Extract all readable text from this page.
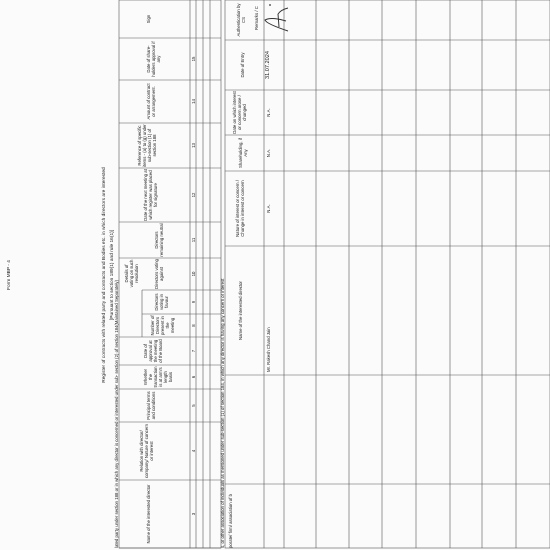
Form MBP - 4	Register of contracts with related party and contracts and Bodies etc. in which directors are interested [Pursuant to section 189(1) and rule 16(1)]
lated party under section 188 or in which any director is concerned or interested under sub- section (2) of section 184(Maintained Separately)	Name of the interested director
Relation with director/ company/ Nature of concern or interest
Principal terms and conditions
Whether the transaction is at arm's length basis
Date of approval at the meeting of the Board
Details of voting on such resolution
Number of Directors present in the meeting
Directors voting in favour
Directors voting against
Directors remaining neutral
Date of the next meeting at which register was placed for signature
Reference of specific items - (a) to (g) under sub-section (1) of section 188
Amount of contract or arrangement.
Date of share-holders approval if any
Sign
3
4
5
6
7
8
9
10
11
12
13
14
15
s, or other association of individuals as mentioned under sub-section (1) of section 184, in which any director is having any concern or interest porate/ firm/ association of b
Name of the interested director
Nature of interest or concern / Change in interest or concern
Shareholding, if Any
Date on which interest or concern arose / changed
Date of Entry
Authentication by CS Remarks / C
Mr. Rakesh Chand Jain
N.A.
N.A.
N.A.
31.07.2024
